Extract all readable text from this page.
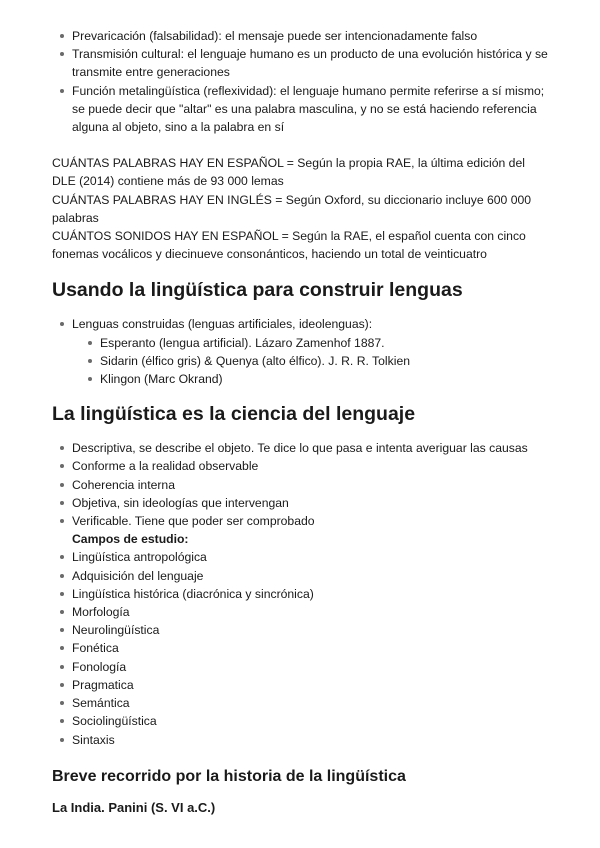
Prevaricación (falsabilidad): el mensaje puede ser intencionadamente falso
Transmisión cultural: el lenguaje humano es un producto de una evolución histórica y se transmite entre generaciones
Función metalingüística (reflexividad): el lenguaje humano permite referirse a sí mismo; se puede decir que "altar" es una palabra masculina, y no se está haciendo referencia alguna al objeto, sino a la palabra en sí

CUÁNTAS PALABRAS HAY EN ESPAÑOL = Según la propia RAE, la última edición del DLE (2014) contiene más de 93 000 lemas

CUÁNTAS PALABRAS HAY EN INGLÉS = Según Oxford, su diccionario incluye 600 000 palabras

CUÁNTOS SONIDOS HAY EN ESPAÑOL = Según la RAE, el español cuenta con cinco fonemas vocálicos y diecinueve consonánticos, haciendo un total de veinticuatro

Usando la lingüística para construir lenguas
Lenguas construidas (lenguas artificiales, ideolenguas):
Esperanto (lengua artificial). Lázaro Zamenhof 1887.
Sidarin (élfico gris) & Quenya (alto élfico). J. R. R. Tolkien
Klingon (Marc Okrand)
La lingüística es la ciencia del lenguaje
Descriptiva, se describe el objeto. Te dice lo que pasa e intenta averiguar las causas
Conforme a la realidad observable
Coherencia interna
Objetiva, sin ideologías que intervengan
Verificable. Tiene que poder ser comprobado
Campos de estudio:
Lingüística antropológica
Adquisición del lenguaje
Lingüística histórica (diacrónica y sincrónica)
Morfología
Neurolingüística
Fonética
Fonología
Pragmatica
Semántica
Sociolingüística
Sintaxis
Breve recorrido por la historia de la lingüística
La India. Panini (S. VI a.C.)
